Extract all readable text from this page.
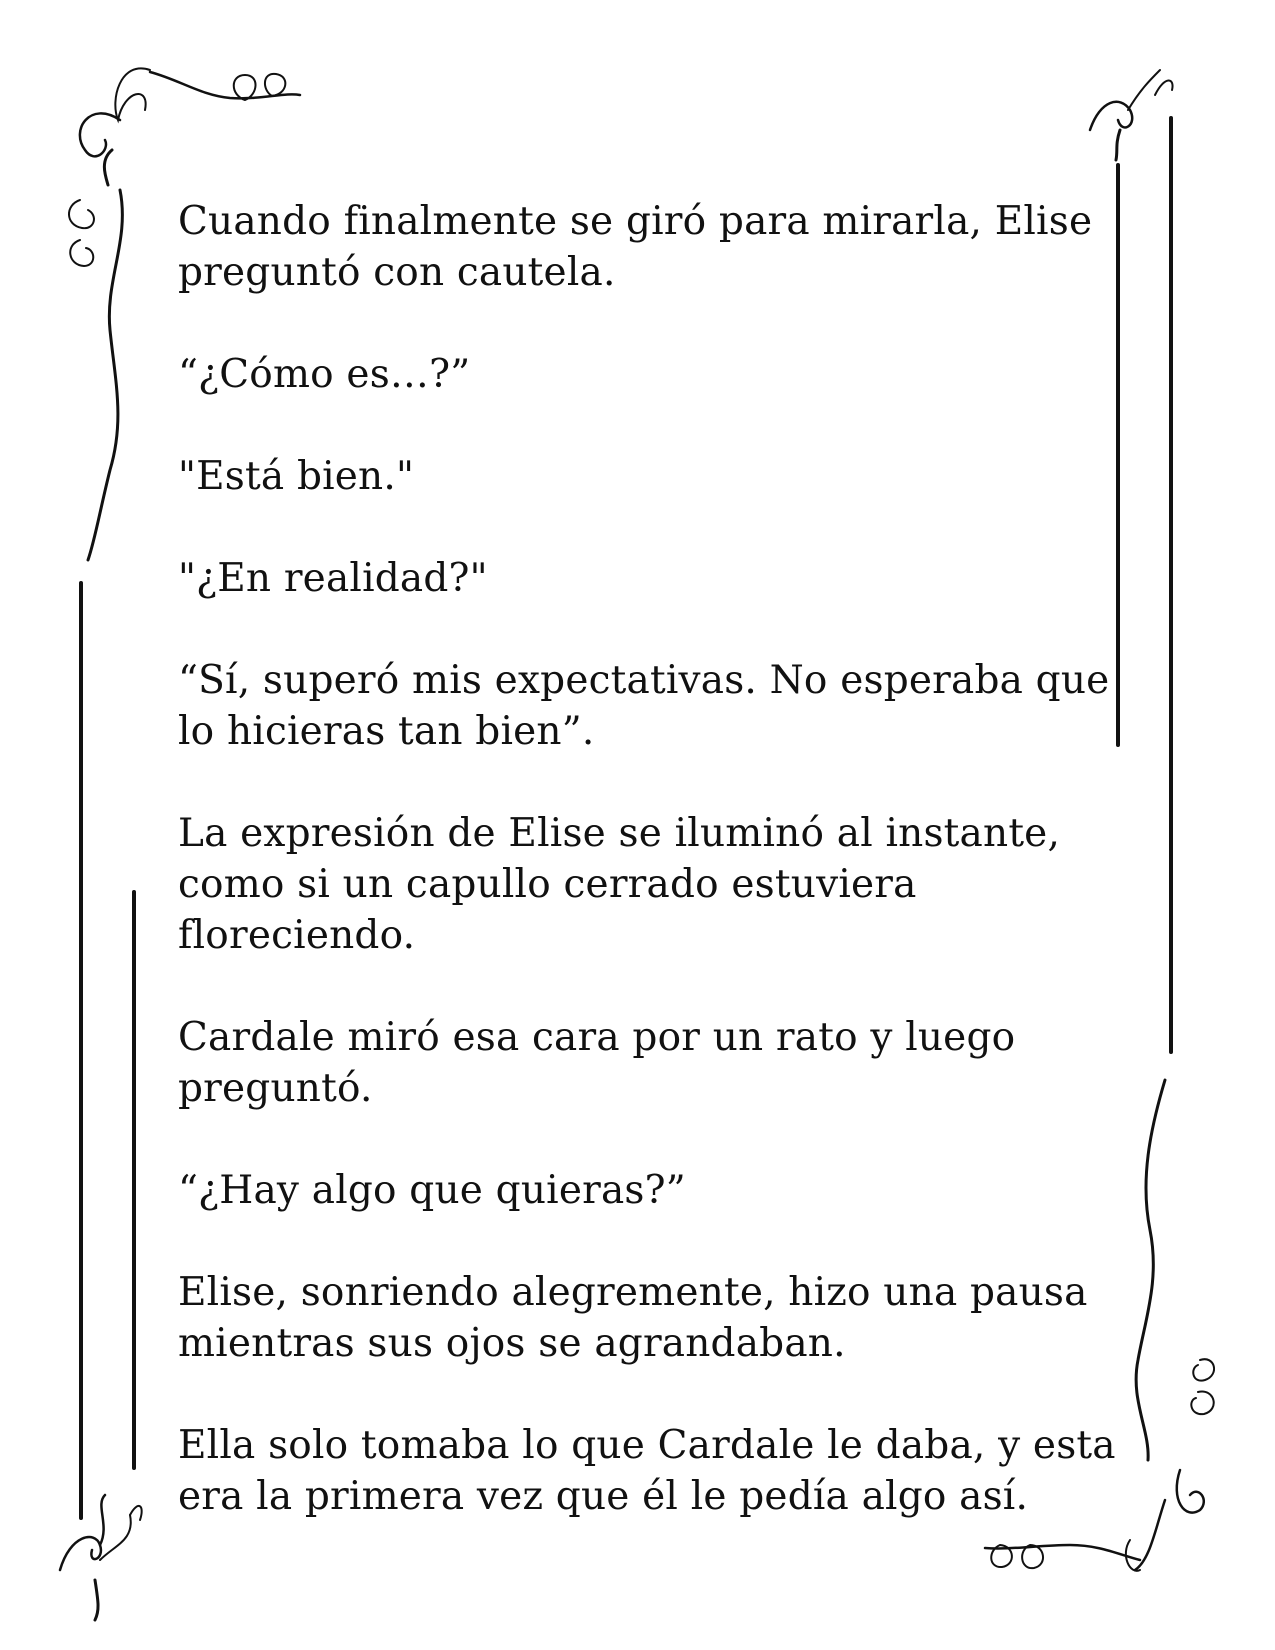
Cuando finalmente se giró para mirarla, Elise
preguntó con cautela.

“¿Cómo es…?”

"Está bien."

"¿En realidad?"

“Sí, superó mis expectativas. No esperaba que
lo hicieras tan bien”.

La expresión de Elise se iluminó al instante,
como si un capullo cerrado estuviera
floreciendo.

Cardale miró esa cara por un rato y luego
preguntó.

“¿Hay algo que quieras?”

Elise, sonriendo alegremente, hizo una pausa
mientras sus ojos se agrandaban.

Ella solo tomaba lo que Cardale le daba, y esta
era la primera vez que él le pedía algo así.
